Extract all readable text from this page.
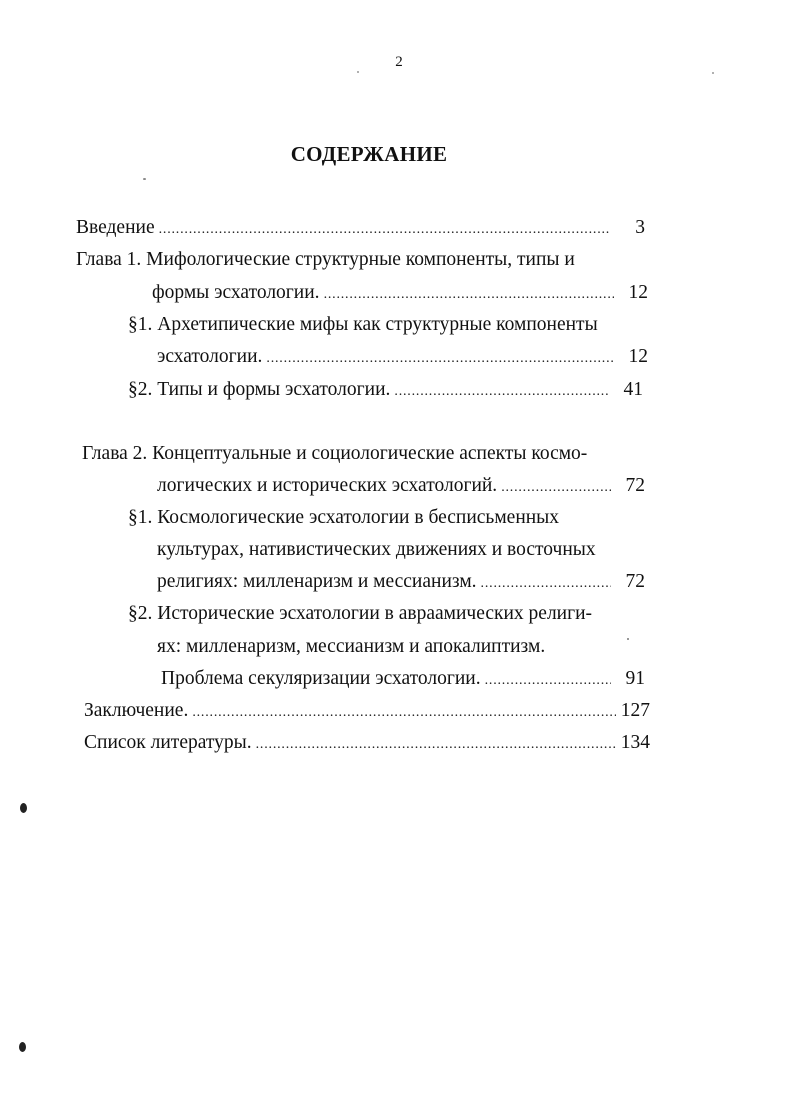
2
СОДЕРЖАНИЕ
Введение .....	3
Глава 1. Мифологические структурные компоненты, типы и
формы эсхатологии. .....	12
§1. Архетипические мифы как структурные компоненты
эсхатологии. .....	12
§2. Типы и формы эсхатологии. .....	41
Глава 2. Концептуальные и социологические аспекты космо-
логических и исторических эсхатологий. .....	72
§1. Космологические эсхатологии в бесписьменных
культурах, нативистических движениях и восточных
религиях: милленаризм и мессианизм. .....	72
§2. Исторические эсхатологии в авраамических религи-
ях: милленаризм, мессианизм и апокалиптизм.
Проблема секуляризации эсхатологии. .....	91
Заключение. .....	127
Список литературы. .....	134
